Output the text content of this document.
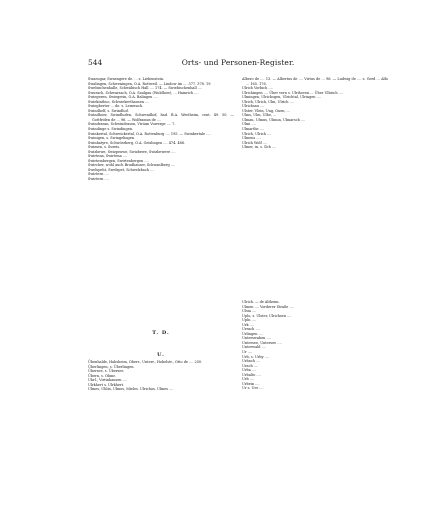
544	Orts- und Personen-Register.

Swaeugar, Swaengere de. . . s. Liebenstein.

Swalingen, Schweningen, O.A. Rottweil. — Lindow im .... 377. 378. 19.

Swebischenhalle, Schwäbisch Hall .... 174. — Swiebischenhall ....

Swurach, Schwarzach, O.A. Saulgau (Wuldhow), ... Hainrich ....

Swiegeren, Swiegerin, O.A. Balingen ....

Swiekinthuc, Schwiekerthausen ....

Swiegberter ... de. s. Lemwach.

Swindhelf, s. Swindhof.

Swindhoer, Swindhofen, Schwendhof, bad. B.A. Wertheim, cent. 49. 50. — Gottfriden de ... 96. — Wolframus de ....

Swindraran, Schwindrasen, Virium Vuwerge .... 7.

Swindinge s. Swindingen.

Swinkertal, Schweickertal, O.A. Rottenburg .... 195. — Swinkertale ....

Swinigen, s. Swingelingen.

Swinbatyre, Schwörzberg, O.A. Geislingen .... 474. 486.

Swimen, s. Sureis.

Swizbewe, Swizpeuwe, Swizbewe, Swizbewere ....

Swirtena, Swirtena ....

Swirtembergen, Swirtenbergen ....

Swircher, wohl auch Brudhauser, Schwanlberg ....

Swelspeht, Swelspet, Schwelzbach ....

Swirtern ....

Swirtern ....

T. D.
U.

Übenhalde, Habsheim, Oberr., Unterr., Hobelstr., Otto de .... 250.

Überlingen, s. Überlingen.

Übersee, s. Übersee.

Übern, s. Ohmr.

Uhrl., Virtinhausen ....

Ulrkhert s. Ulrkhert.

Ulmes, Uhlin, Ulmes, Mieles. Ulrichus, Ulmes ....

Albero de .... 13. — Albertus de .... Virtus de ... 96. — Ludwig de .... s. Gerd ... Alfo ... 165. 176.

Ulrich Vorbich ....

Ulrichingen .... Über vern s. Ulrihoven ... Über Ulbrich ....

Ulmingen, Ulrichsgen, Ulrichtal, Ulringen ....

Ulrich, Ulrich, Ulm, Ulrich ....

Ulrichsau ....

Ulster, Vlein, Ung, Ouen, ...

Ulms, Ulm, Ulbe, ...

Ulmau, Ulmus, Ulmun, Ulmarsch ....

Ulmi ....

Ulmarthe ....

Ulrich, Ulrich ....

Ulmens ....

Ulrich Wolf ....

Ulmer, in, s. Ilch ....

Ulrich. — de Altheim.

Ulmen .... Vorderer Straße ....

Ulsia ....

Uplo, s. Ulster, Ulrichsen ....

Upln ....

Urk ....

Urrach ....

Urlingen ....

Unterswaben ....

Untersee, Untersee ....

Unterwald ....

Ur ....

Urb, s. Urby ....

Urbach ....

Urach ....

Urba ....

Urbalto ....

Urb ....

Urbein ....

Ur s. Uer ....
